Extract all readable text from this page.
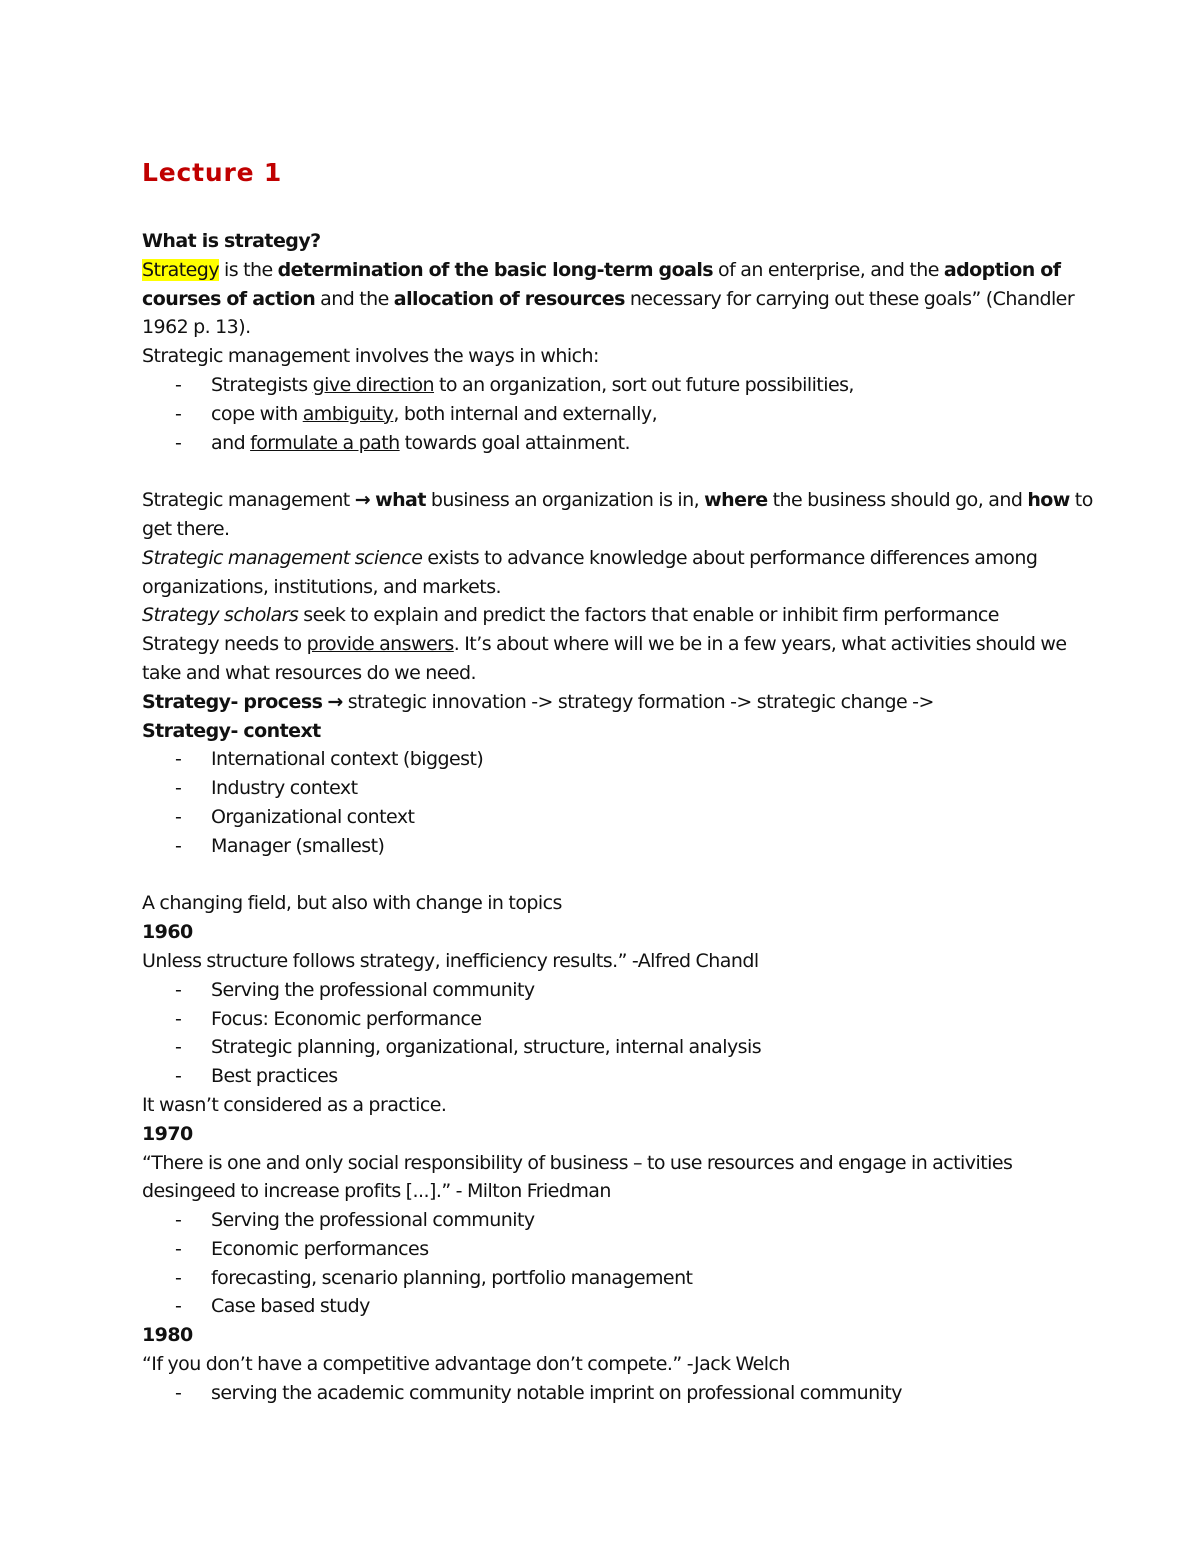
Lecture 1

What is strategy?

Strategy is the determination of the basic long-term goals of an enterprise, and the adoption of courses of action and the allocation of resources necessary for carrying out these goals” (Chandler 1962 p. 13).

Strategic management involves the ways in which:

- Strategists give direction to an organization, sort out future possibilities,
- cope with ambiguity, both internal and externally,
- and formulate a path towards goal attainment.

Strategic management → what business an organization is in, where the business should go, and how to get there.

Strategic management science exists to advance knowledge about performance differences among organizations, institutions, and markets.

Strategy scholars seek to explain and predict the factors that enable or inhibit firm performance

Strategy needs to provide answers. It’s about where will we be in a few years, what activities should we take and what resources do we need.

Strategy- process → strategic innovation -> strategy formation -> strategic change ->

Strategy- context

- International context (biggest)
- Industry context
- Organizational context
- Manager (smallest)

A changing field, but also with change in topics

1960

Unless structure follows strategy, inefficiency results.” -Alfred Chandl

- Serving the professional community
- Focus: Economic performance
- Strategic planning, organizational, structure, internal analysis
- Best practices

It wasn’t considered as a practice.

1970

“There is one and only social responsibility of business – to use resources and engage in activities desingeed to increase profits [...].” - Milton Friedman

- Serving the professional community
- Economic performances
- forecasting, scenario planning, portfolio management
- Case based study

1980

“If you don’t have a competitive advantage don’t compete.” -Jack Welch

- serving the academic community notable imprint on professional community
